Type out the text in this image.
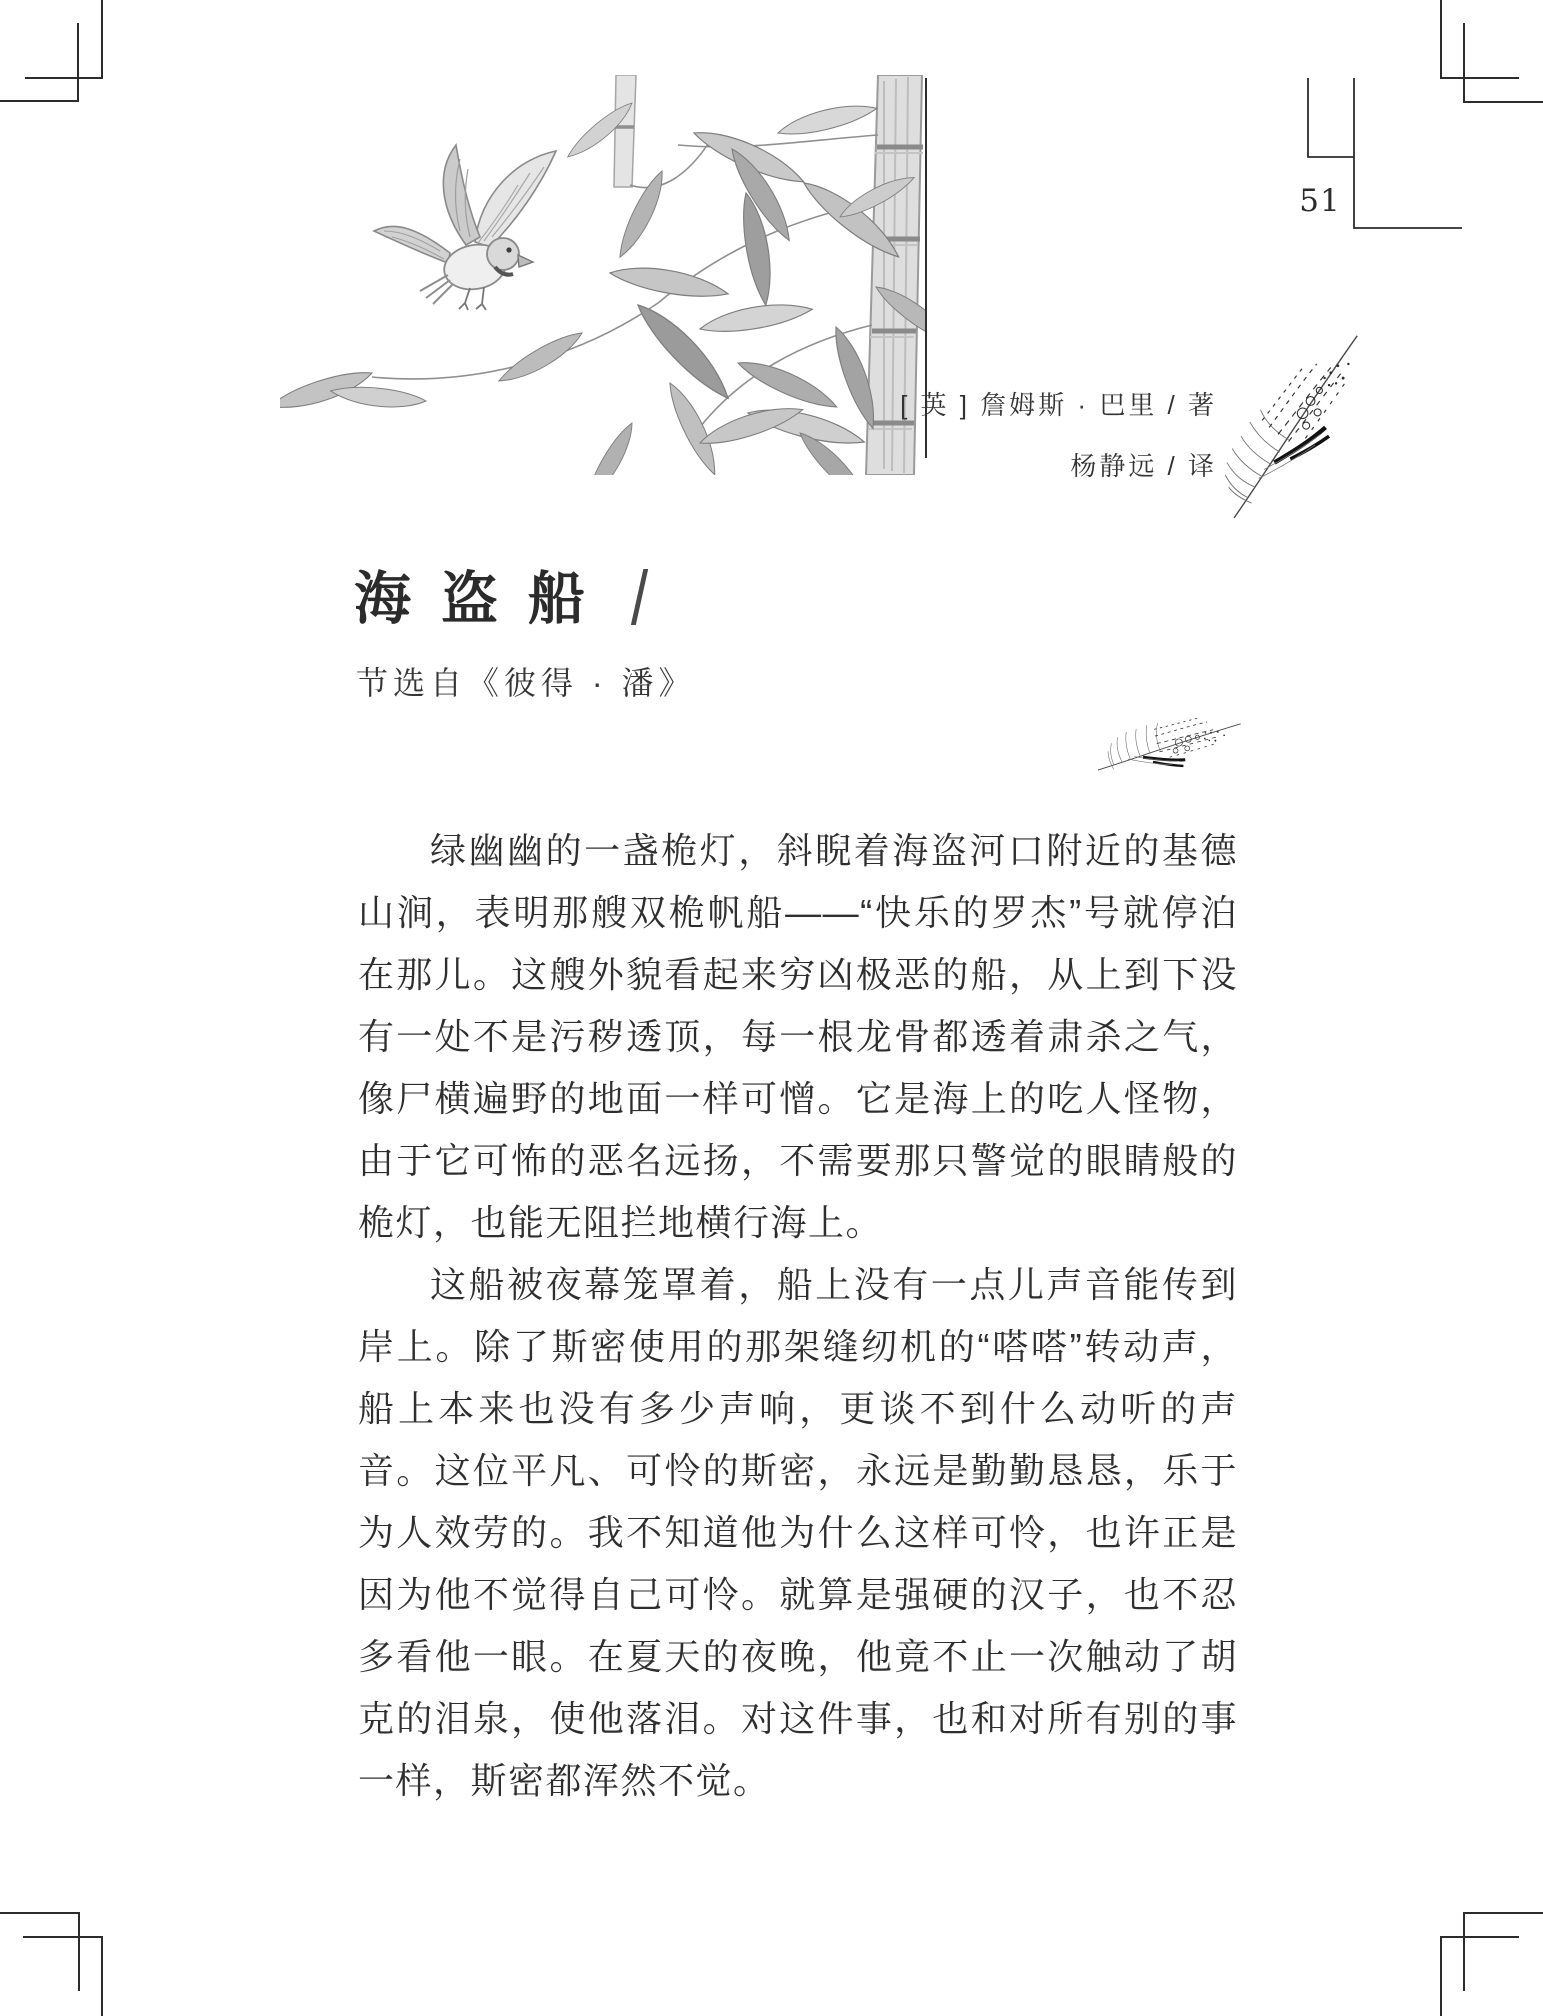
51
[ 英 ] 詹姆斯 · 巴里 / 著
杨静远 / 译
海盗船 /
节选自《彼得 · 潘》

绿幽幽的一盏桅灯，斜睨着海盗河口附近的基德山涧，表明那艘双桅帆船——“快乐的罗杰”号就停泊在那儿。这艘外貌看起来穷凶极恶的船，从上到下没有一处不是污秽透顶，每一根龙骨都透着肃杀之气，像尸横遍野的地面一样可憎。它是海上的吃人怪物，由于它可怖的恶名远扬，不需要那只警觉的眼睛般的桅灯，也能无阻拦地横行海上。

这船被夜幕笼罩着，船上没有一点儿声音能传到岸上。除了斯密使用的那架缝纫机的“嗒嗒”转动声，船上本来也没有多少声响，更谈不到什么动听的声音。这位平凡、可怜的斯密，永远是勤勤恳恳，乐于为人效劳的。我不知道他为什么这样可怜，也许正是因为他不觉得自己可怜。就算是强硬的汉子，也不忍多看他一眼。在夏天的夜晚，他竟不止一次触动了胡克的泪泉，使他落泪。对这件事，也和对所有别的事一样，斯密都浑然不觉。
